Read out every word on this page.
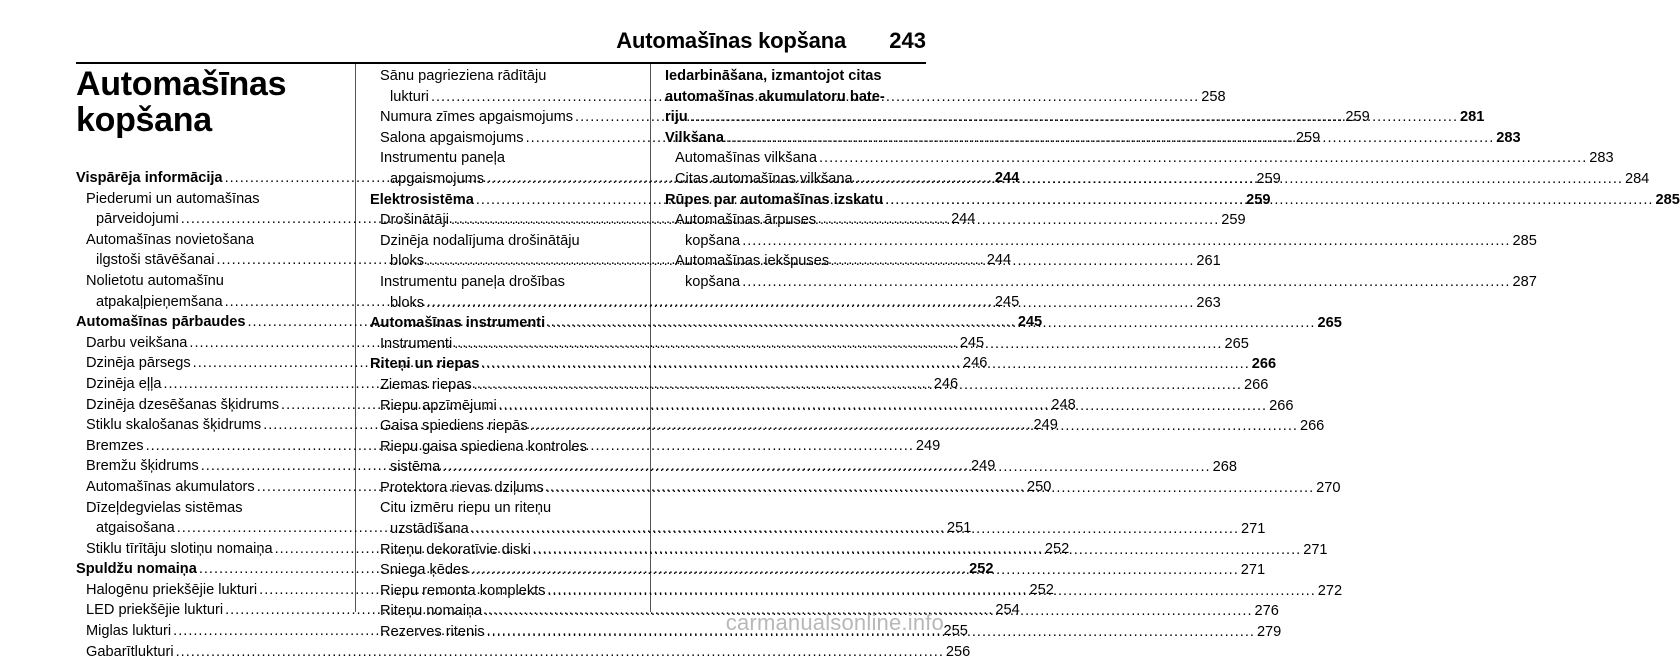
Automašīnas kopšana 243
Automašīnas
kopšana
Vispārēja informācija .....	244
Piederumi un automašīnas
pārveidojumi .....	244
Automašīnas novietošana
ilgstoši stāvēšanai .....	244
Nolietotu automašīnu
atpakaļpieņemšana .....	245
Automašīnas pārbaudes .....	245
Darbu veikšana .....	245
Dzinēja pārsegs .....	246
Dzinēja eļļa .....	246
Dzinēja dzesēšanas šķidrums .....	248
Stiklu skalošanas šķidrums .....	249
Bremzes .....	249
Bremžu šķidrums .....	249
Automašīnas akumulators .....	250
Dīzeļdegvielas sistēmas
atgaisošana .....	251
Stiklu tīrītāju slotiņu nomaiņa .....	252
Spuldžu nomaiņa .....	252
Halogēnu priekšējie lukturi .....	252
LED priekšējie lukturi .....	254
Miglas lukturi .....	255
Gabarītlukturi .....	256
Sānu pagrieziena rādītāju
lukturi .....	258
Numura zīmes apgaismojums .....	259
Salona apgaismojums .....	259
Instrumentu paneļa
apgaismojums .....	259
Elektrosistēma .....	259
Drošinātāji .....	259
Dzinēja nodalījuma drošinātāju
bloks .....	261
Instrumentu paneļa drošības
bloks .....	263
Automašīnas instrumenti .....	265
Instrumenti .....	265
Riteņi un riepas .....	266
Ziemas riepas .....	266
Riepu apzīmējumi .....	266
Gaisa spiediens riepās .....	266
Riepu gaisa spiediena kontroles
sistēma .....	268
Protektora rievas dziļums .....	270
Citu izmēru riepu un riteņu
uzstādīšana .....	271
Riteņu dekoratīvie diski .....	271
Sniega ķēdes .....	271
Riepu remonta komplekts .....	272
Riteņu nomaiņa .....	276
Rezerves ritenis .....	279
Iedarbināšana, izmantojot citas
automašīnas akumulatoru bate-
riju .....	281
Vilkšana .....	283
Automašīnas vilkšana .....	283
Citas automašīnas vilkšana .....	284
Rūpes par automašīnas izskatu .....	285
Automašīnas ārpuses
kopšana .....	285
Automašīnas iekšpuses
kopšana .....	287
carmanualsonline.info
